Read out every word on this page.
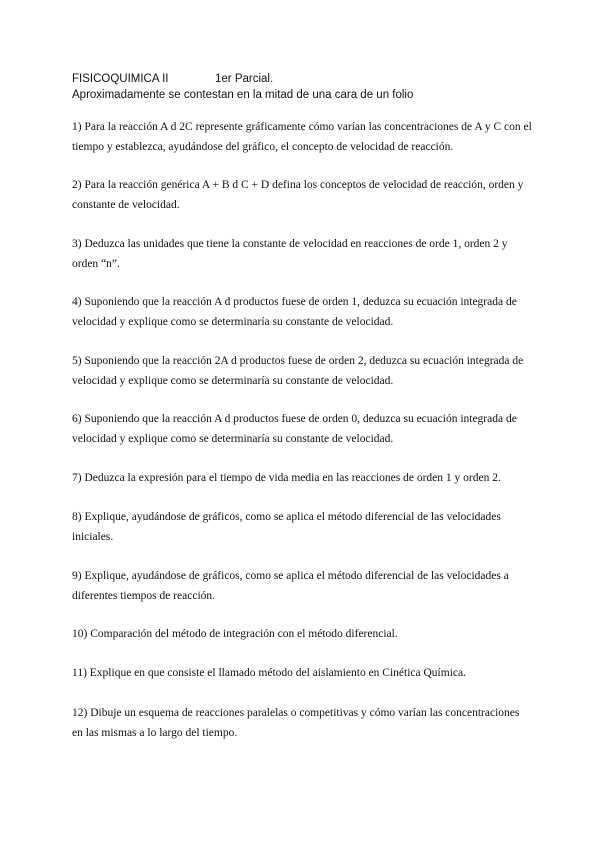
FISICOQUIMICA II	1er Parcial.
Aproximadamente se contestan en la mitad de una cara de un folio

1) Para la reacción A d 2C represente gráficamente cómo varían las concentraciones de A y C con el tiempo y establezca, ayudándose del gráfico, el concepto de velocidad de reacción.

2) Para la reacción genérica A + B d C + D defina los conceptos de velocidad de reacción, orden y constante de velocidad.

3) Deduzca las unidades que tiene la constante de velocidad en reacciones de orde 1, orden 2 y orden “n”.

4) Suponiendo que la reacción A d productos fuese de orden 1, deduzca su ecuación integrada de velocidad y explique como se determinaría su constante de velocidad.

5) Suponiendo que la reacción 2A d productos fuese de orden 2, deduzca su ecuación integrada de velocidad y explique como se determinaría su constante de velocidad.

6) Suponiendo que la reacción A d productos fuese de orden 0, deduzca su ecuación integrada de velocidad y explique como se determinaría su constante de velocidad.

7) Deduzca la expresión para el tiempo de vida media en las reacciones de orden 1 y orden 2.

8) Explique, ayudándose de gráficos, como se aplica el método diferencial de las velocidades iniciales.

9) Explique, ayudándose de gráficos, como se aplica el método diferencial de las velocidades a diferentes tiempos de reacción.

10) Comparación del método de integración con el método diferencial.

11) Explique en que consiste el llamado método del aislamiento en Cinética Química.

12) Dibuje un esquema de reacciones paralelas o competitivas y cómo varían las concentraciones en las mismas a lo largo del tiempo.
